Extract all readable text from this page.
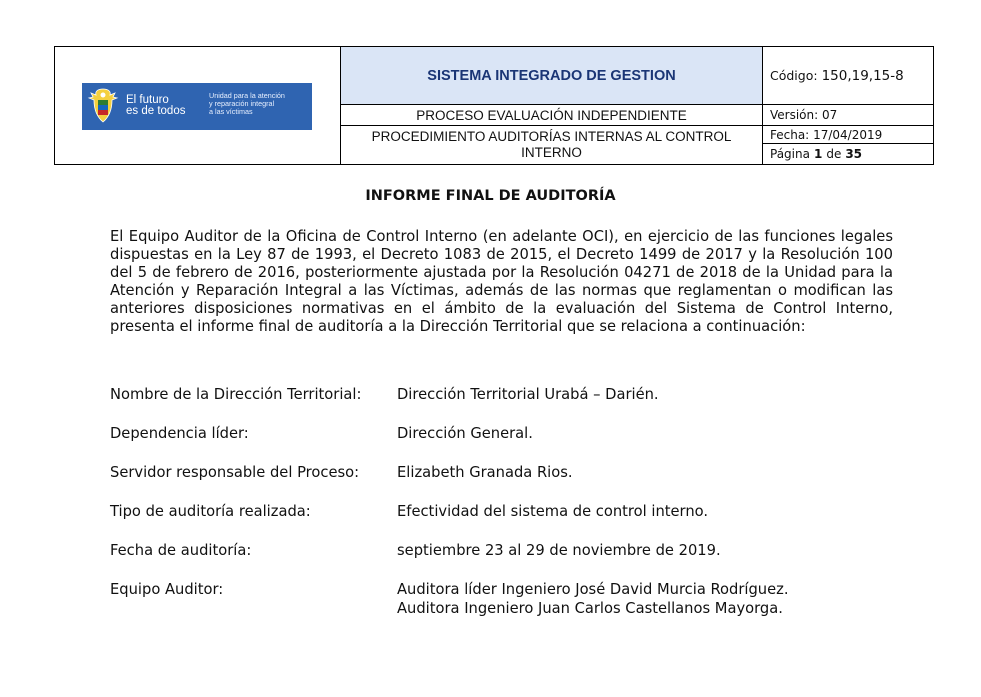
El futuro
es de todos
Unidad para la atención
y reparación integral
a las víctimas
SISTEMA INTEGRADO DE GESTION
PROCESO EVALUACIÓN INDEPENDIENTE
PROCEDIMIENTO AUDITORÍAS INTERNAS AL CONTROL INTERNO
Código:
150,19,15-8
Versión:
07
Fecha:
17/04/2019
Página 1 de 35
INFORME FINAL DE AUDITORÍA
El Equipo Auditor de la Oficina de Control Interno (en adelante OCI), en ejercicio de las funciones legales dispuestas en la Ley 87 de 1993, el Decreto 1083 de 2015, el Decreto 1499 de 2017 y la Resolución 100 del 5 de febrero de 2016, posteriormente ajustada por la Resolución 04271 de 2018 de la Unidad para la Atención y Reparación Integral a las Víctimas, además de las normas que reglamentan o modifican las anteriores disposiciones normativas en el ámbito de la evaluación del Sistema de Control Interno, presenta el informe final de auditoría a la Dirección Territorial que se relaciona a continuación:
Nombre de la Dirección Territorial: Dirección Territorial Urabá – Darién.
Dependencia líder:	Dirección General.
Servidor responsable del Proceso:	Elizabeth Granada Rios.
Tipo de auditoría realizada:	Efectividad del sistema de control interno.
Fecha de auditoría:	septiembre 23 al 29 de noviembre de 2019.
Equipo Auditor:	Auditora líder Ingeniero José David Murcia Rodríguez.
Auditora Ingeniero Juan Carlos Castellanos Mayorga.
